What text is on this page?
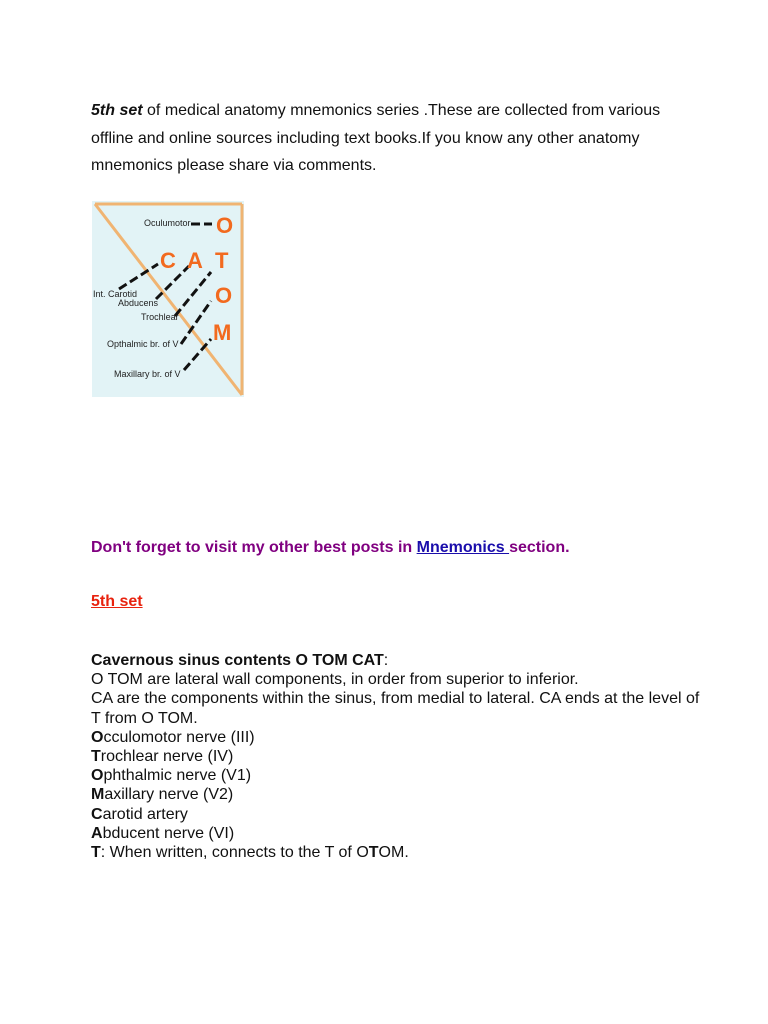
5th set of medical anatomy mnemonics series .These are collected from various offline and online sources including text books.If you know any other anatomy mnemonics please share via comments.

Oculumotor
Int. Carotid
Abducens
Trochlear
Opthalmic br. of V
Maxillary br. of V
O
C A T
O
M

Don't forget to visit my other best posts in Mnemonics section.

5th set

Cavernous sinus contents O TOM CAT:

O TOM are lateral wall components, in order from superior to inferior.

CA are the components within the sinus, from medial to lateral. CA ends at the level of T from O TOM.

Occulomotor nerve (III)

Trochlear nerve (IV)

Ophthalmic nerve (V1)

Maxillary nerve (V2)

Carotid artery

Abducent nerve (VI)

T: When written, connects to the T of OTOM.
